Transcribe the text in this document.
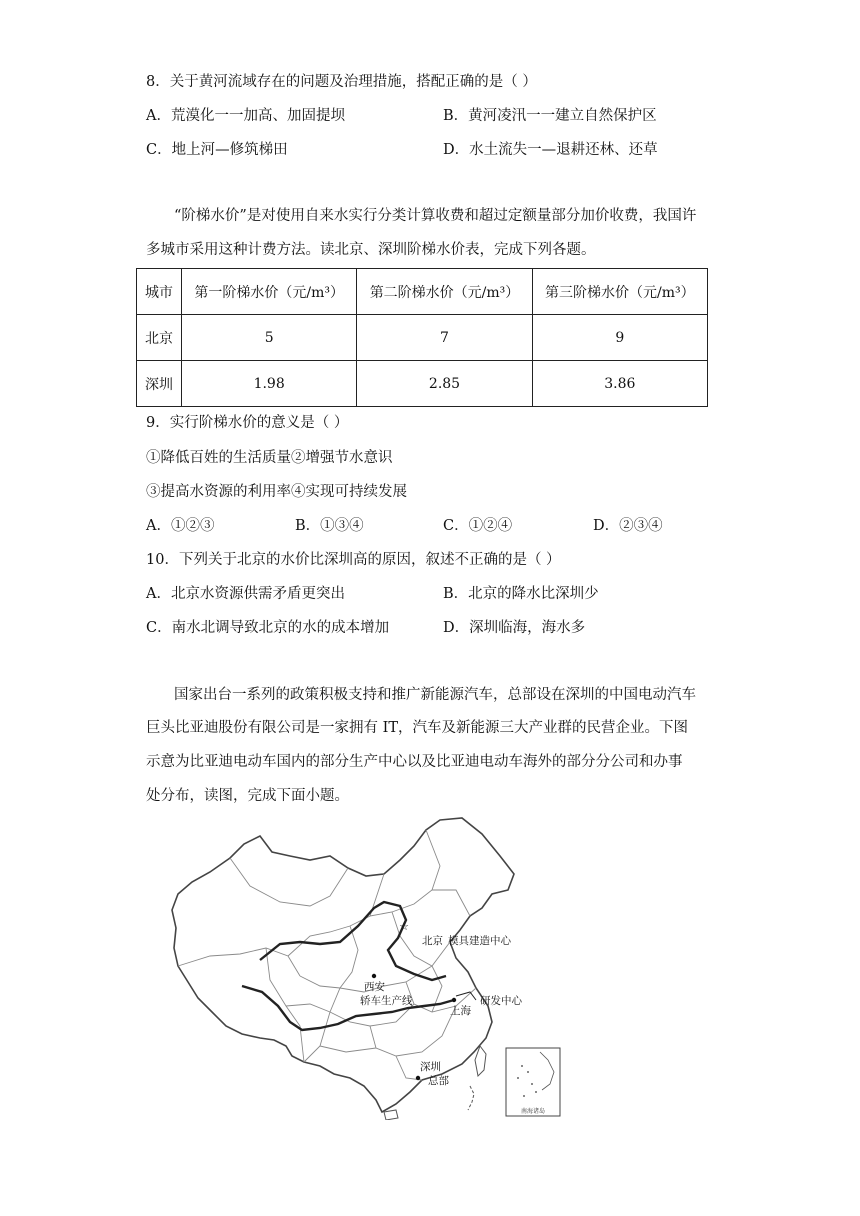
8．关于黄河流域存在的问题及治理措施，搭配正确的是（ ）
A．荒漠化一一加高、加固提坝	B．黄河凌汛一一建立自然保护区
C．地上河—修筑梯田	D．水土流失一—退耕还林、还草
“阶梯水价”是对使用自来水实行分类计算收费和超过定额量部分加价收费，我国许
多城市采用这种计费方法。读北京、深圳阶梯水价表，完成下列各题。
城市	第一阶梯水价（元/m³）	第二阶梯水价（元/m³）	第三阶梯水价（元/m³）
北京	5	7	9
深圳	1.98	2.85	3.86
9．实行阶梯水价的意义是（ ）
①降低百姓的生活质量②增强节水意识
③提高水资源的利用率④实现可持续发展
A．①②③	B．①③④	C．①②④	D．②③④
10．下列关于北京的水价比深圳高的原因，叙述不正确的是（ ）
A．北京水资源供需矛盾更突出	B．北京的降水比深圳少
C．南水北调导致北京的水的成本增加	D．深圳临海，海水多
国家出台一系列的政策积极支持和推广新能源汽车，总部设在深圳的中国电动汽车
巨头比亚迪股份有限公司是一家拥有 IT，汽车及新能源三大产业群的民营企业。下图
示意为比亚迪电动车国内的部分生产中心以及比亚迪电动车海外的部分分公司和办事
处分布，读图，完成下面小题。
☆
北京 模具建造中心
西安
轿车生产线
上海
研发中心
深圳
总部
南海诸岛
